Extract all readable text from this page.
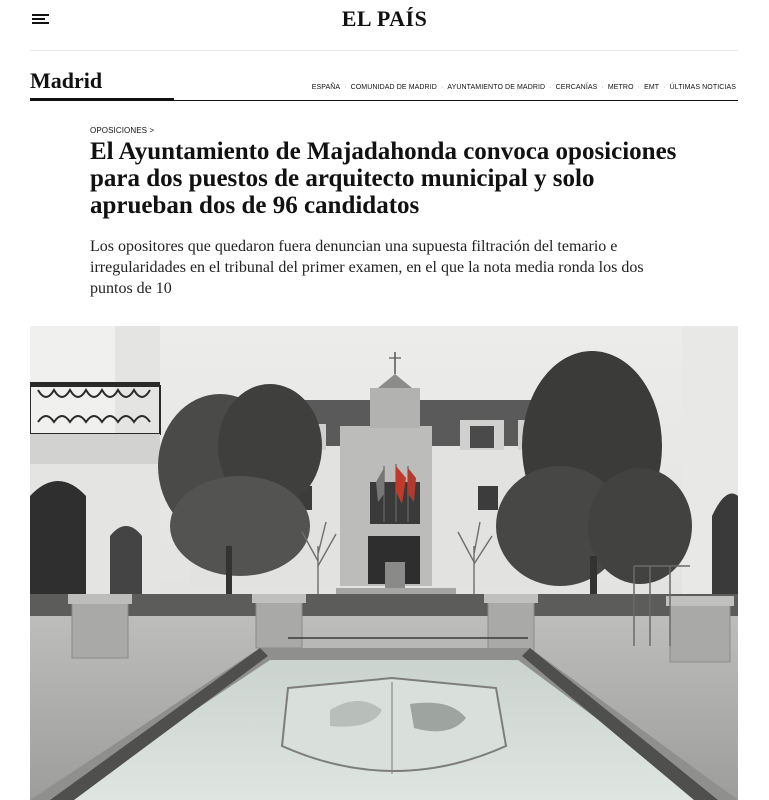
EL PAÍS
Madrid	ESPAÑA · COMUNIDAD DE MADRID · AYUNTAMIENTO DE MADRID · CERCANÍAS · METRO · EMT · ÚLTIMAS NOTICIAS
OPOSICIONES >
El Ayuntamiento de Majadahonda convoca oposiciones para dos puestos de arquitecto municipal y solo aprueban dos de 96 candidatos

Los opositores que quedaron fuera denuncian una supuesta filtración del temario e irregularidades en el tribunal del primer examen, en el que la nota media ronda los dos puntos de 10
